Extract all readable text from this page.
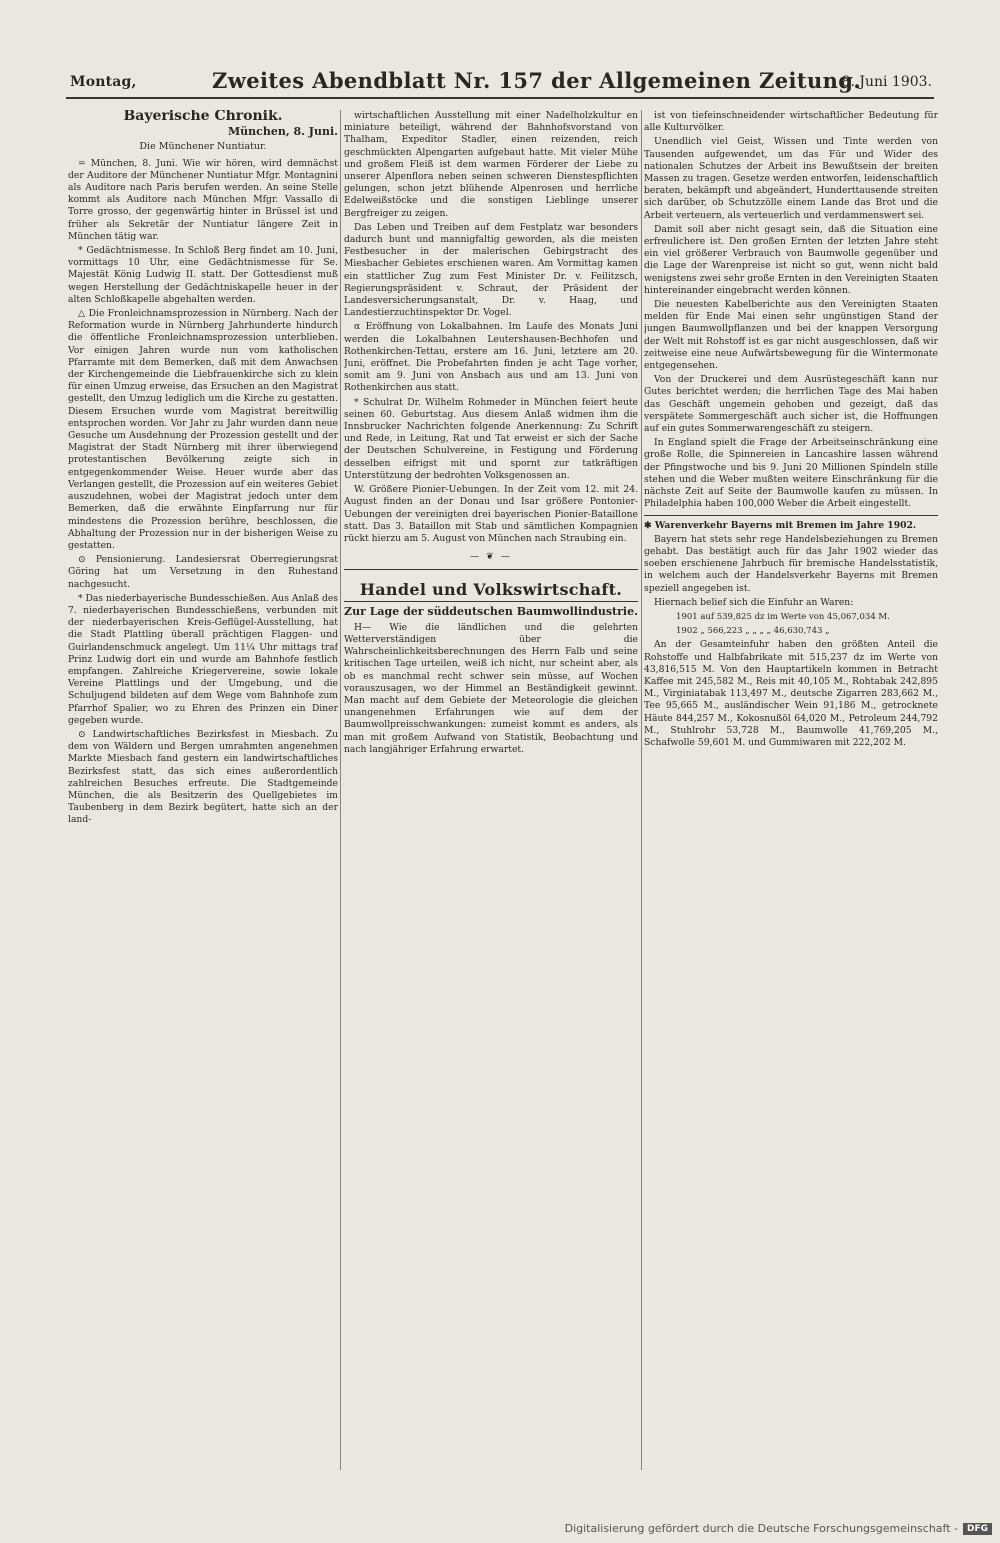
Montag,	Zweites Abendblatt Nr. 157 der Allgemeinen Zeitung.
8. Juni 1903.
Bayerische Chronik.
München, 8. Juni.
Die Münchener Nuntiatur.

= München, 8. Juni. Wie wir hören, wird demnächst der Auditore der Münchener Nuntiatur Mfgr. Montagnini als Auditore nach Paris berufen werden. An seine Stelle kommt als Auditore nach München Mfgr. Vassallo di Torre grosso, der gegenwärtig hinter in Brüssel ist und früher als Sekretär der Nuntiatur längere Zeit in München tätig war.

* Gedächtnismesse. In Schloß Berg findet am 10. Juni, vormittags 10 Uhr, eine Gedächtnismesse für Se. Majestät König Ludwig II. statt. Der Gottesdienst muß wegen Herstellung der Gedächtniskapelle heuer in der alten Schloßkapelle abgehalten werden.

△ Die Fronleichnamsprozession in Nürnberg. Nach der Reformation wurde in Nürnberg Jahrhunderte hindurch die öffentliche Fronleichnamsprozession unterblieben. Vor einigen Jahren wurde nun vom katholischen Pfarramte mit dem Bemerken, daß mit dem Anwachsen der Kirchengemeinde die Liebfrauenkirche sich zu klein für einen Umzug erweise, das Ersuchen an den Magistrat gestellt, den Umzug lediglich um die Kirche zu gestatten. Diesem Ersuchen wurde vom Magistrat bereitwillig entsprochen worden. Vor Jahr zu Jahr wurden dann neue Gesuche um Ausdehnung der Prozession gestellt und der Magistrat der Stadt Nürnberg mit ihrer überwiegend protestantischen Bevölkerung zeigte sich in entgegenkommender Weise. Heuer wurde aber das Verlangen gestellt, die Prozession auf ein weiteres Gebiet auszudehnen, wobei der Magistrat jedoch unter dem Bemerken, daß die erwähnte Einpfarrung nur für mindestens die Prozession berühre, beschlossen, die Abhaltung der Prozession nur in der bisherigen Weise zu gestatten.

⊙ Pensionierung. Landesiersrat Oberregierungsrat Göring hat um Versetzung in den Ruhestand nachgesucht.

* Das niederbayerische Bundesschießen. Aus Anlaß des 7. niederbayerischen Bundesschießens, verbunden mit der niederbayerischen Kreis-Geflügel-Ausstellung, hat die Stadt Plattling überall prächtigen Flaggen- und Guirlandenschmuck angelegt. Um 11¼ Uhr mittags traf Prinz Ludwig dort ein und wurde am Bahnhofe festlich empfangen. Zahlreiche Kriegervereine, sowie lokale Vereine Plattlings und der Umgebung, und die Schuljugend bildeten auf dem Wege vom Bahnhofe zum Pfarrhof Spalier, wo zu Ehren des Prinzen ein Diner gegeben wurde.

⊙ Landwirtschaftliches Bezirksfest in Miesbach. Zu dem von Wäldern und Bergen umrahmten angenehmen Markte Miesbach fand gestern ein landwirtschaftliches Bezirksfest statt, das sich eines außerordentlich zahlreichen Besuches erfreute. Die Stadtgemeinde München, die als Besitzerin des Quellgebietes im Taubenberg in dem Bezirk begütert, hatte sich an der land-

wirtschaftlichen Ausstellung mit einer Nadelholzkultur en miniature beteiligt, während der Bahnhofsvorstand von Thalham, Expeditor Stadler, einen reizenden, reich geschmückten Alpengarten aufgebaut hatte. Mit vieler Mühe und großem Fleiß ist dem warmen Förderer der Liebe zu unserer Alpenflora neben seinen schweren Dienstespflichten gelungen, schon jetzt blühende Alpenrosen und herrliche Edelweißstöcke und die sonstigen Lieblinge unserer Bergfreiger zu zeigen.

Das Leben und Treiben auf dem Festplatz war besonders dadurch bunt und mannigfaltig geworden, als die meisten Festbesucher in der malerischen Gebirgstracht des Miesbacher Gebietes erschienen waren. Am Vormittag kamen ein stattlicher Zug zum Fest Minister Dr. v. Feilitzsch, Regierungspräsident v. Schraut, der Präsident der Landesversicherungsanstalt, Dr. v. Haag, und Landestierzuchtinspektor Dr. Vogel.

α Eröffnung von Lokalbahnen. Im Laufe des Monats Juni werden die Lokalbahnen Leutershausen-Bechhofen und Rothenkirchen-Tettau, erstere am 16. Juni, letztere am 20. Juni, eröffnet. Die Probefahrten finden je acht Tage vorher, somit am 9. Juni von Ansbach aus und am 13. Juni von Rothenkirchen aus statt.

* Schulrat Dr. Wilhelm Rohmeder in München feiert heute seinen 60. Geburtstag. Aus diesem Anlaß widmen ihm die Innsbrucker Nachrichten folgende Anerkennung: Zu Schrift und Rede, in Leitung, Rat und Tat erweist er sich der Sache der Deutschen Schulvereine, in Festigung und Förderung desselben eifrigst mit und spornt zur tatkräftigen Unterstützung der bedrohten Volksgenossen an.

W. Größere Pionier-Uebungen. In der Zeit vom 12. mit 24. August finden an der Donau und Isar größere Pontonier-Uebungen der vereinigten drei bayerischen Pionier-Bataillone statt. Das 3. Bataillon mit Stab und sämtlichen Kompagnien rückt hierzu am 5. August von München nach Straubing ein.

— ❦ —
Handel und Volkswirtschaft.
Zur Lage der süddeutschen Baumwollindustrie.

H— Wie die ländlichen und die gelehrten Wetterverständigen über die Wahrscheinlichkeitsberechnungen des Herrn Falb und seine kritischen Tage urteilen, weiß ich nicht, nur scheint aber, als ob es manchmal recht schwer sein müsse, auf Wochen vorauszusagen, wo der Himmel an Beständigkeit gewinnt. Man macht auf dem Gebiete der Meteorologie die gleichen unangenehmen Erfahrungen wie auf dem der Baumwollpreisschwankungen: zumeist kommt es anders, als man mit großem Aufwand von Statistik, Beobachtung und nach langjähriger Erfahrung erwartet.

ist von tiefeinschneidender wirtschaftlicher Bedeutung für alle Kulturvölker.

Unendlich viel Geist, Wissen und Tinte werden von Tausenden aufgewendet, um das Für und Wider des nationalen Schutzes der Arbeit ins Bewußtsein der breiten Massen zu tragen. Gesetze werden entworfen, leidenschaftlich beraten, bekämpft und abgeändert, Hunderttausende streiten sich darüber, ob Schutzzölle einem Lande das Brot und die Arbeit verteuern, als verteuerlich und verdammenswert sei.

Damit soll aber nicht gesagt sein, daß die Situation eine erfreulichere ist. Den großen Ernten der letzten Jahre steht ein viel größerer Verbrauch von Baumwolle gegenüber und die Lage der Warenpreise ist nicht so gut, wenn nicht bald wenigstens zwei sehr große Ernten in den Vereinigten Staaten hintereinander eingebracht werden können.

Die neuesten Kabelberichte aus den Vereinigten Staaten melden für Ende Mai einen sehr ungünstigen Stand der jungen Baumwollpflanzen und bei der knappen Versorgung der Welt mit Rohstoff ist es gar nicht ausgeschlossen, daß wir zeitweise eine neue Aufwärtsbewegung für die Wintermonate entgegensehen.

Von der Druckerei und dem Ausrüstegeschäft kann nur Gutes berichtet werden; die herrlichen Tage des Mai haben das Geschäft ungemein gehoben und gezeigt, daß das verspätete Sommergeschäft auch sicher ist, die Hoffnungen auf ein gutes Sommerwarengeschäft zu steigern.

In England spielt die Frage der Arbeitseinschränkung eine große Rolle, die Spinnereien in Lancashire lassen während der Pfingstwoche und bis 9. Juni 20 Millionen Spindeln stille stehen und die Weber mußten weitere Einschränkung für die nächste Zeit auf Seite der Baumwolle kaufen zu müssen. In Philadelphia haben 100,000 Weber die Arbeit eingestellt.

✱ Warenverkehr Bayerns mit Bremen im Jahre 1902.

Bayern hat stets sehr rege Handelsbeziehungen zu Bremen gehabt. Das bestätigt auch für das Jahr 1902 wieder das soeben erschienene Jahrbuch für bremische Handelsstatistik, in welchem auch der Handelsverkehr Bayerns mit Bremen speziell angegeben ist.

Hiernach belief sich die Einfuhr an Waren:

1901 auf 539,825 dz im Werte von 45,067,034 M.

1902 „ 566,223 „ „ „ „ 46,630,743 „

An der Gesamteinfuhr haben den größten Anteil die Rohstoffe und Halbfabrikate mit 515,237 dz im Werte von 43,816,515 M. Von den Hauptartikeln kommen in Betracht Kaffee mit 245,582 M., Reis mit 40,105 M., Rohtabak 242,895 M., Virginiatabak 113,497 M., deutsche Zigarren 283,662 M., Tee 95,665 M., ausländischer Wein 91,186 M., getrocknete Häute 844,257 M., Kokosnußöl 64,020 M., Petroleum 244,792 M., Stuhlrohr 53,728 M., Baumwolle 41,769,205 M., Schafwolle 59,601 M. und Gummiwaren mit 222,202 M.

Digitalisierung gefördert durch die Deutsche Forschungsgemeinschaft -	DFG
